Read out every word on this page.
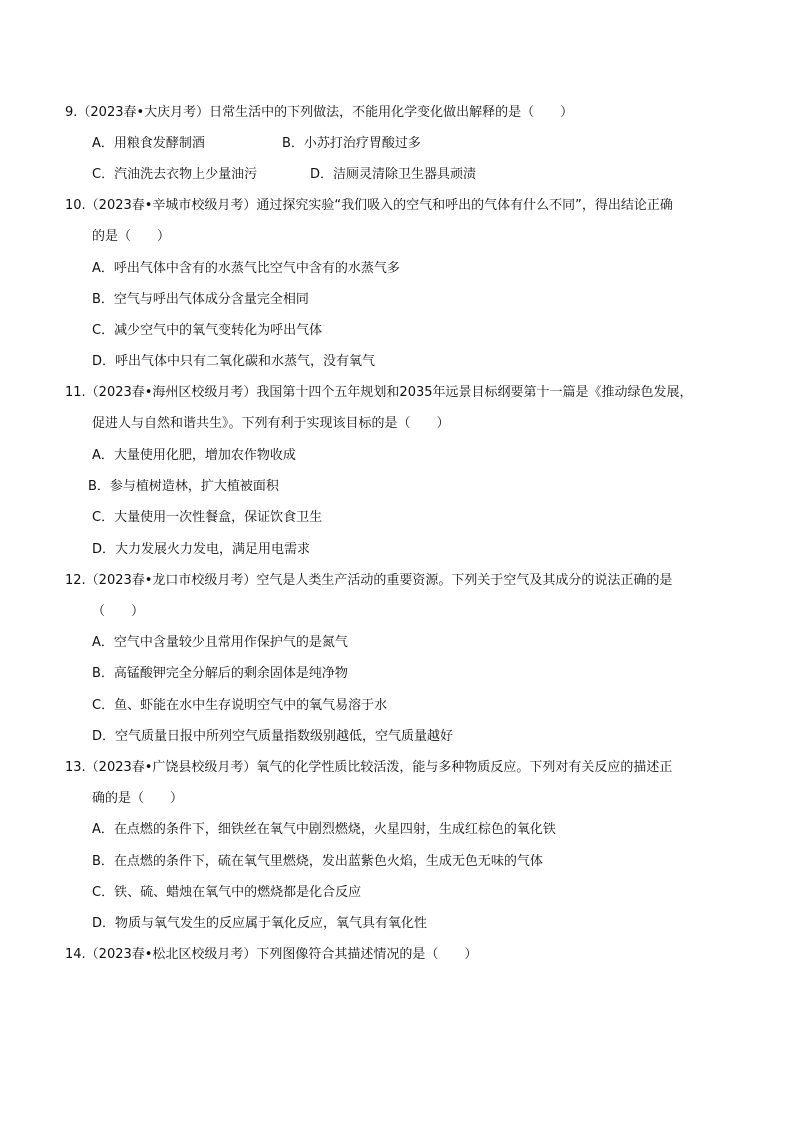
9.（2023春•大庆月考）日常生活中的下列做法，不能用化学变化做出解释的是（　　）
A．用粮食发酵制酒	B．小苏打治疗胃酸过多
C．汽油洗去衣物上少量油污	D．洁厕灵清除卫生器具顽渍
10.（2023春•辛城市校级月考）通过探究实验“我们吸入的空气和呼出的气体有什么不同”，得出结论正确
的是（　　）
A．呼出气体中含有的水蒸气比空气中含有的水蒸气多
B．空气与呼出气体成分含量完全相同
C．减少空气中的氧气变转化为呼出气体
D．呼出气体中只有二氧化碳和水蒸气，没有氧气
11.（2023春•海州区校级月考）我国第十四个五年规划和2035年远景目标纲要第十一篇是《推动绿色发展，
促进人与自然和谐共生》。下列有利于实现该目标的是（　　）
A．大量使用化肥，增加农作物收成
B．参与植树造林，扩大植被面积
C．大量使用一次性餐盒，保证饮食卫生
D．大力发展火力发电，满足用电需求
12.（2023春•龙口市校级月考）空气是人类生产活动的重要资源。下列关于空气及其成分的说法正确的是
（　　）
A．空气中含量较少且常用作保护气的是氮气
B．高锰酸钾完全分解后的剩余固体是纯净物
C．鱼、虾能在水中生存说明空气中的氧气易溶于水
D．空气质量日报中所列空气质量指数级别越低，空气质量越好
13.（2023春•广饶县校级月考）氧气的化学性质比较活泼，能与多种物质反应。下列对有关反应的描述正
确的是（　　）
A．在点燃的条件下，细铁丝在氧气中剧烈燃烧，火星四射，生成红棕色的氧化铁
B．在点燃的条件下，硫在氧气里燃烧，发出蓝紫色火焰，生成无色无味的气体
C．铁、硫、蜡烛在氧气中的燃烧都是化合反应
D．物质与氧气发生的反应属于氧化反应，氧气具有氧化性
14.（2023春•松北区校级月考）下列图像符合其描述情况的是（　　）
